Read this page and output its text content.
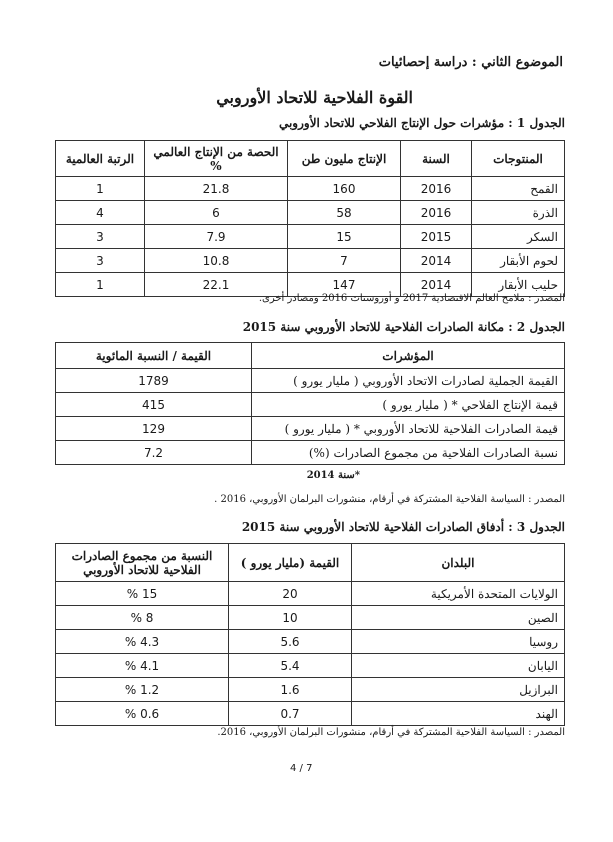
الموضوع الثاني : دراسة إحصائيات
القوة الفلاحية للاتحاد الأوروبي
الجدول 1 : مؤشرات حول الإنتاج الفلاحي للاتحاد الأوروبي
المنتوجات	السنة	الإنتاج مليون طن	الحصة من الإنتاج العالمي %	الرتبة العالمية
القمح	2016	160	21.8	1
الذرة	2016	58	6	4
السكر	2015	15	7.9	3
لحوم الأبقار	2014	7	10.8	3
حليب الأبقار	2014	147	22.1	1
المصدر : ملامح العالم الاقتصادية 2017 و أوروستات 2016 ومصادر أخرى.
الجدول 2 : مكانة الصادرات الفلاحية للاتحاد الأوروبي سنة 2015
المؤشرات	القيمة / النسبة المائوية
القيمة الجملية لصادرات الاتحاد الأوروبي ( مليار يورو )	1789
قيمة الإنتاج الفلاحي * ( مليار يورو )	415
قيمة الصادرات الفلاحية للاتحاد الأوروبي * ( مليار يورو )	129
نسبة الصادرات الفلاحية من مجموع الصادرات (%)	7.2
*سنة 2014
المصدر : السياسة الفلاحية المشتركة في أرقام، منشورات البرلمان الأوروبي، 2016 .
الجدول 3 : أدفاق الصادرات الفلاحية للاتحاد الأوروبي سنة 2015
البلدان	القيمة (مليار يورو )	النسبة من مجموع الصادرات الفلاحية للاتحاد الأوروبي
الولايات المتحدة الأمريكية	20	15 %
الصين	10	8 %
روسيا	5.6	4.3 %
اليابان	5.4	4.1 %
البرازيل	1.6	1.2 %
الهند	0.7	0.6 %
المصدر : السياسة الفلاحية المشتركة في أرقام، منشورات البرلمان الأوروبي، 2016.
7 / 4
